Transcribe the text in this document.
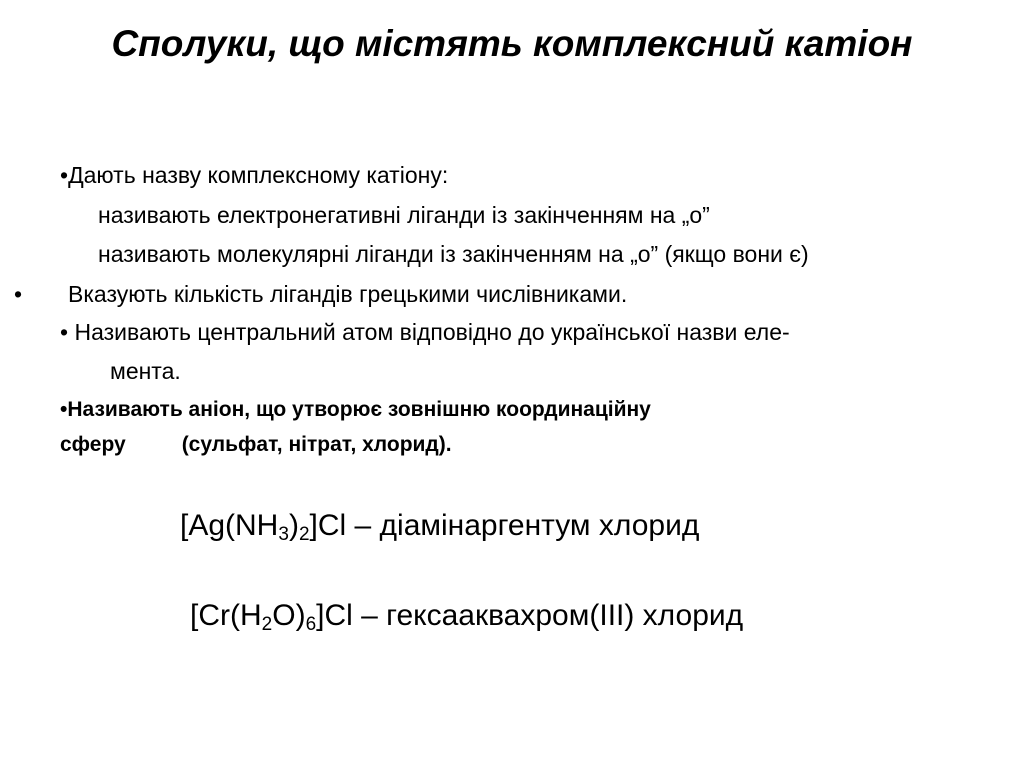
Сполуки, що містять комплексний катіон
•Дають назву комплексному катіону:
називають електронегативні ліганди із закінченням на „о”
називають молекулярні ліганди із закінченням на „о” (якщо вони є)
• Вказують кількість лігандів грецькими числівниками.
• Називають центральний атом відповідно до української назви еле-
мента.
•Називають аніон, що утворює зовнішню координаційну
сферу	(сульфат, нітрат, хлорид).
$[Ag(NH_3)_2]Cl$ – діамінаргентум хлорид
$[Cr(H_2O)_6]Cl$ – гексааквахром(III) хлорид
